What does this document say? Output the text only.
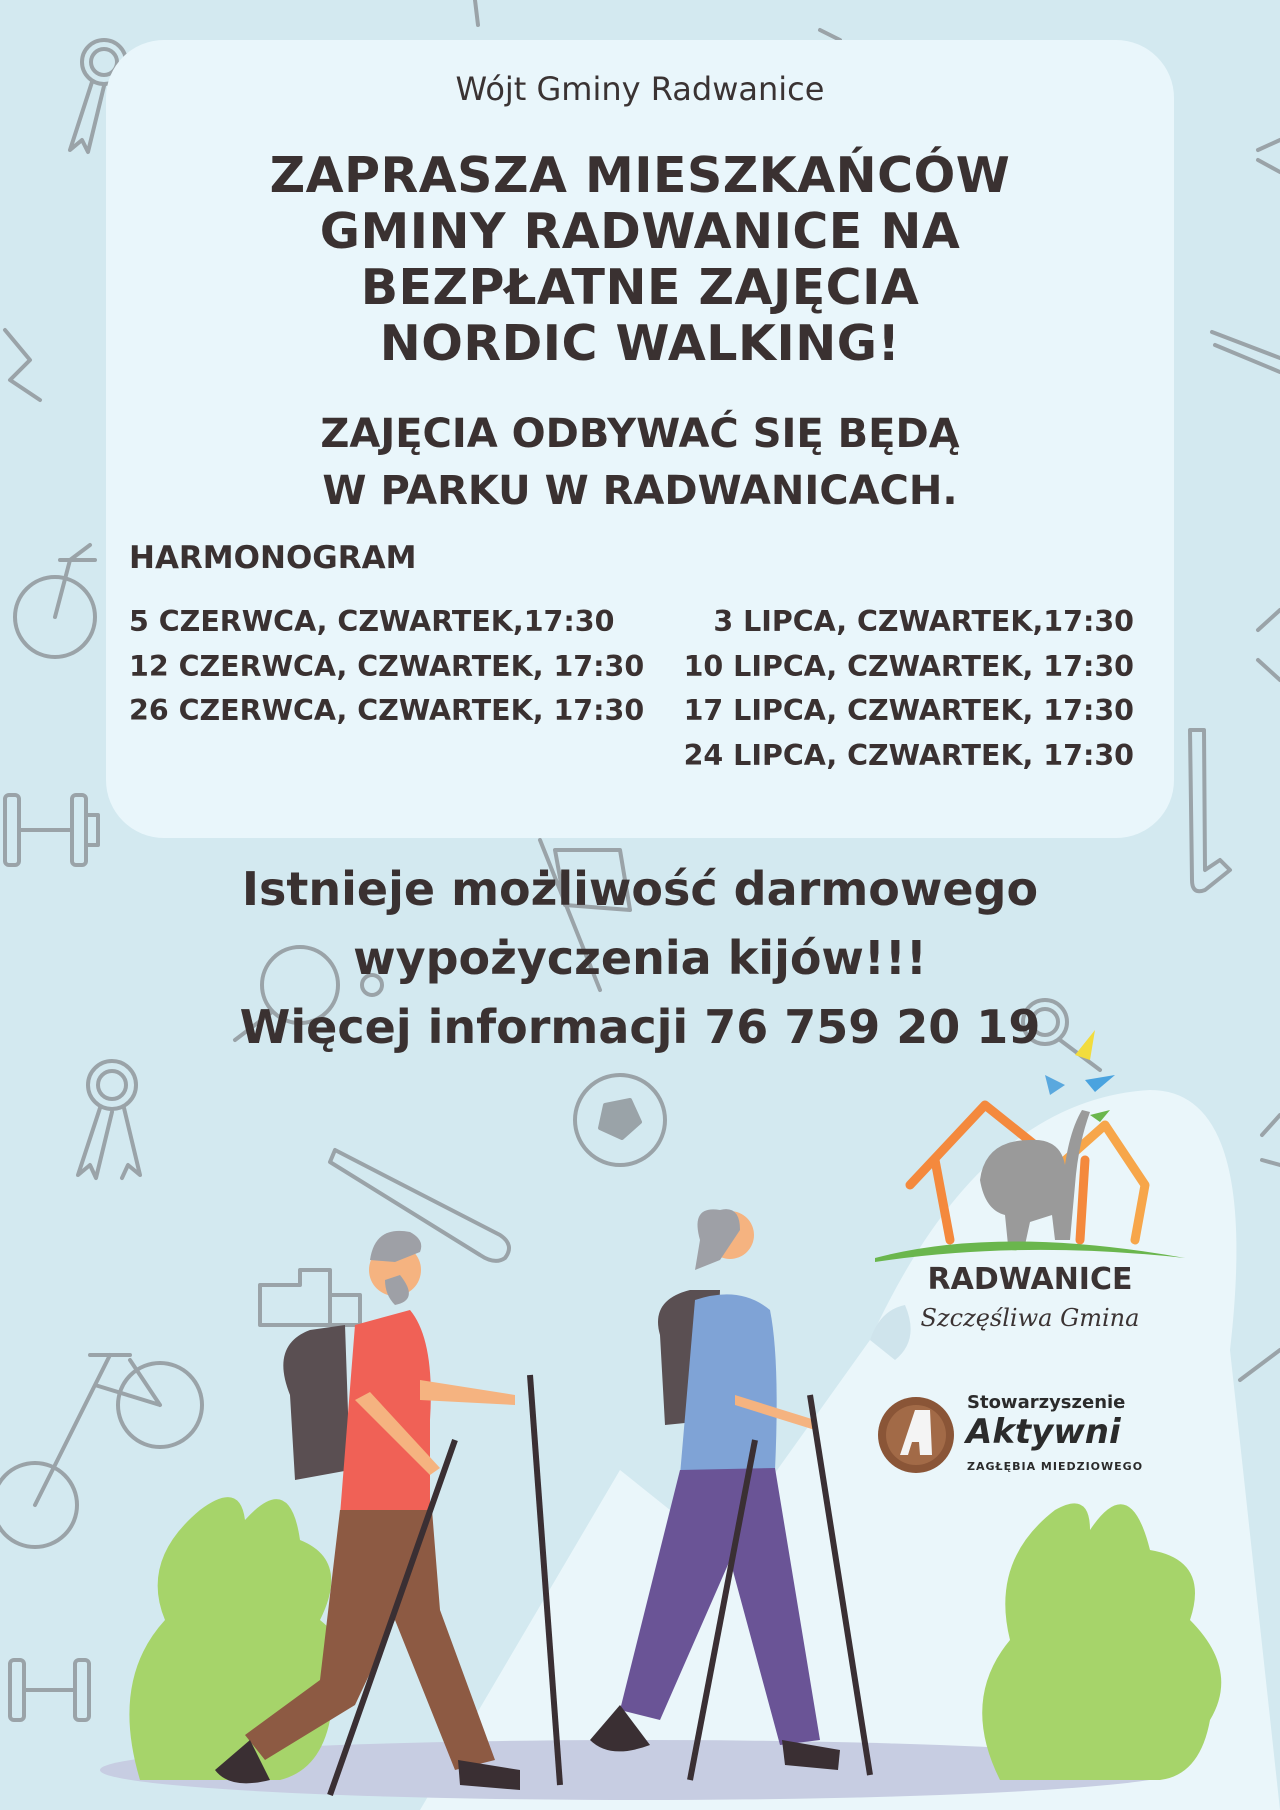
Wójt Gminy Radwanice
ZAPRASZA MIESZKAŃCÓW
GMINY RADWANICE NA
BEZPŁATNE ZAJĘCIA
NORDIC WALKING!
ZAJĘCIA ODBYWAĆ SIĘ BĘDĄ
W PARKU W RADWANICACH.
HARMONOGRAM
5 CZERWCA, CZWARTEK,17:30
12 CZERWCA, CZWARTEK, 17:30
26 CZERWCA, CZWARTEK, 17:30
3 LIPCA, CZWARTEK,17:30
10 LIPCA, CZWARTEK, 17:30
17 LIPCA, CZWARTEK, 17:30
24 LIPCA, CZWARTEK, 17:30
Istnieje możliwość darmowego
wypożyczenia kijów!!!
Więcej informacji 76 759 20 19
RADWANICE
Szczęśliwa Gmina
Stowarzyszenie
Aktywni
ZAGŁĘBIA MIEDZIOWEGO
